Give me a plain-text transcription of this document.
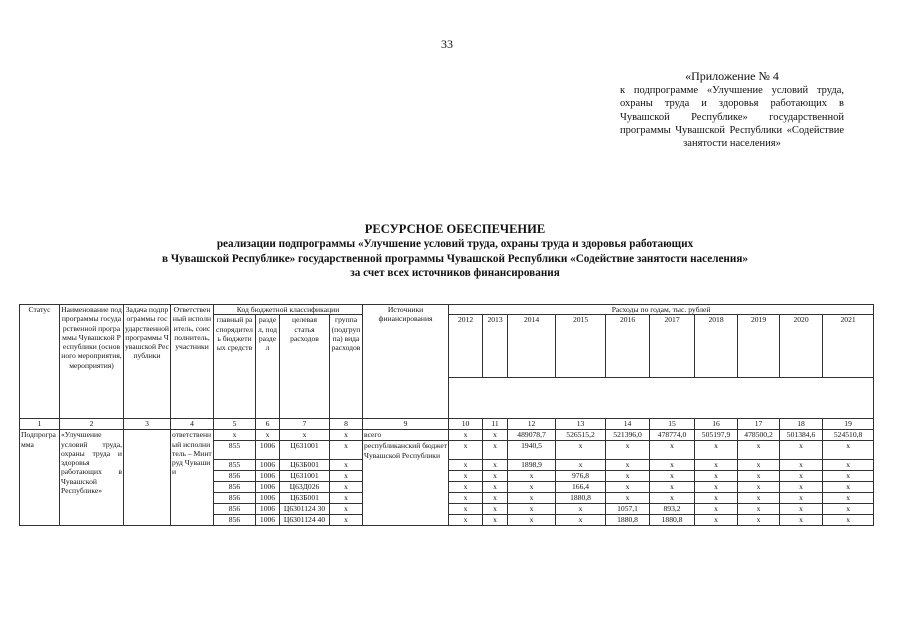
33
«Приложение № 4
к подпрограмме «Улучшение условий труда, охраны труда и здоровья работающих в Чувашской Республике» государственной программы Чувашской Республики «Содействие занятости населения»
РЕСУРСНОЕ ОБЕСПЕЧЕНИЕ
реализации подпрограммы «Улучшение условий труда, охраны труда и здоровья работающих
в Чувашской Республике» государственной программы Чувашской Республики «Содействие занятости населения»
за счет всех источников финансирования
Статус	Наименование подпрограммы государственной программы Чувашской Республики (основного мероприятия, мероприятия)	Задача подпрограммы государственной программы Чувашской Республики	Ответственный исполнитель, соисполнитель, участники	Код бюджетной классификации				Источники финансирования	Расходы по годам, тыс. рублей									
				главный распорядитель бюджетных средств	раздел, подраздел	целевая статья расходов	группа (подгруппа) вида расходов		2012	2013	2014	2015	2016	2017	2018	2019	2020	2021

1	2	3	4	5	6	7	8	9	10	11	12	13	14	15	16	17	18	19
Подпрограмма	«Улучшение условий труда, охраны труда и здоровья работающих в Чувашской Республике»		ответственный исполнитель – Минтруд Чувашии	x	x	x	x	всего	x	x	489078,7	526515,2	521396,0	478774,0	505197,9	478500,2	501384,6	524510,8
				855	1006	Ц631001	x	республиканский бюджет Чувашской Республики	x	x	1940,5	x	x	x	x	x	x	x
				855	1006	Ц63Б001	x		x	x	1898,9	x	x	x	x	x	x	x
				856	1006	Ц631001	x		x	x	x	976,8	x	x	x	x	x	x
				856	1006	Ц63Д026	x		x	x	x	166,4	x	x	x	x	x	x
				856	1006	Ц63Б001	x		x	x	x	1880,8	x	x	x	x	x	x
				856	1006	Ц6301124 30	x		x	x	x	x	1057,1	893,2	x	x	x	x
				856	1006	Ц6301124 40	x		x	x	x	x	1880,8	1880,8	x	x	x	x
